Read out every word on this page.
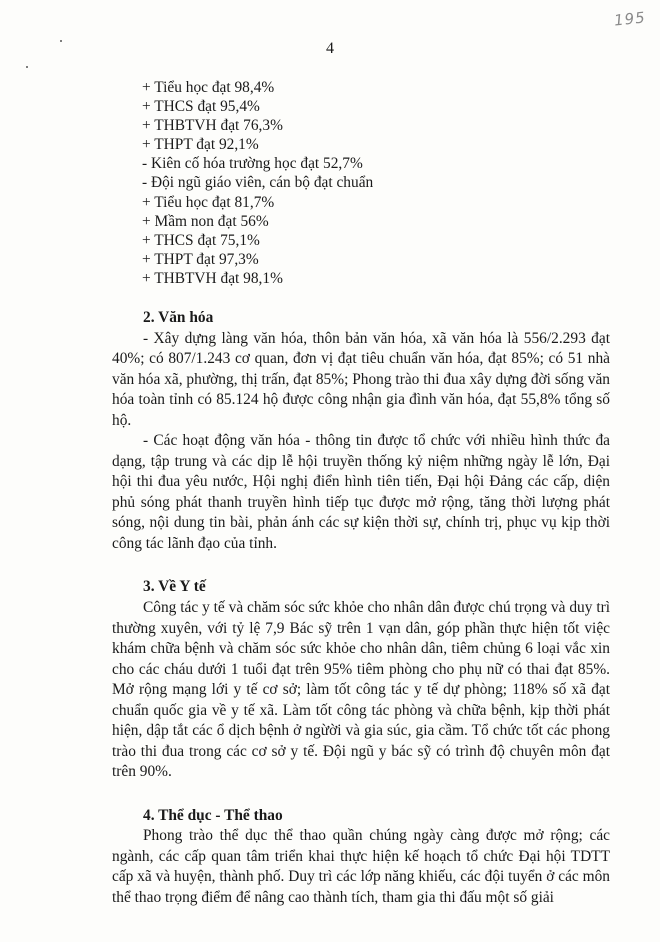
195
4

+ Tiểu học đạt 98,4%

+ THCS đạt 95,4%

+ THBTVH đạt 76,3%

+ THPT đạt 92,1%

- Kiên cố hóa trường học đạt 52,7%

- Đội ngũ giáo viên, cán bộ đạt chuẩn

+ Tiểu học đạt 81,7%

+ Mầm non đạt 56%

+ THCS đạt 75,1%

+ THPT đạt 97,3%

+ THBTVH đạt 98,1%

2. Văn hóa

- Xây dựng làng văn hóa, thôn bản văn hóa, xã văn hóa là 556/2.293 đạt 40%; có 807/1.243 cơ quan, đơn vị đạt tiêu chuẩn văn hóa, đạt 85%; có 51 nhà văn hóa xã, phường, thị trấn, đạt 85%; Phong trào thi đua xây dựng đời sống văn hóa toàn tỉnh có 85.124 hộ được công nhận gia đình văn hóa, đạt 55,8% tổng số hộ.

- Các hoạt động văn hóa - thông tin được tổ chức với nhiều hình thức đa dạng, tập trung và các dịp lễ hội truyền thống kỷ niệm những ngày lễ lớn, Đại hội thi đua yêu nước, Hội nghị điển hình tiên tiến, Đại hội Đảng các cấp, diện phủ sóng phát thanh truyền hình tiếp tục được mở rộng, tăng thời lượng phát sóng, nội dung tin bài, phản ánh các sự kiện thời sự, chính trị, phục vụ kịp thời công tác lãnh đạo của tỉnh.

3. Về Y tế

Công tác y tế và chăm sóc sức khỏe cho nhân dân được chú trọng và duy trì thường xuyên, với tỷ lệ 7,9 Bác sỹ trên 1 vạn dân, góp phần thực hiện tốt việc khám chữa bệnh và chăm sóc sức khỏe cho nhân dân, tiêm chủng 6 loại vắc xin cho các cháu dưới 1 tuổi đạt trên 95% tiêm phòng cho phụ nữ có thai đạt 85%. Mở rộng mạng lới y tế cơ sở; làm tốt công tác y tế dự phòng; 118% số xã đạt chuẩn quốc gia về y tế xã. Làm tốt công tác phòng và chữa bệnh, kịp thời phát hiện, dập tắt các ổ dịch bệnh ở ngừời và gia súc, gia cầm. Tổ chức tốt các phong trào thi đua trong các cơ sở y tế. Đội ngũ y bác sỹ có trình độ chuyên môn đạt trên 90%.

4. Thể dục - Thể thao

Phong trào thể dục thể thao quần chúng ngày càng được mở rộng; các ngành, các cấp quan tâm triển khai thực hiện kế hoạch tổ chức Đại hội TDTT cấp xã và huyện, thành phố. Duy trì các lớp năng khiếu, các đội tuyển ở các môn thể thao trọng điểm để nâng cao thành tích, tham gia thi đấu một số giải
